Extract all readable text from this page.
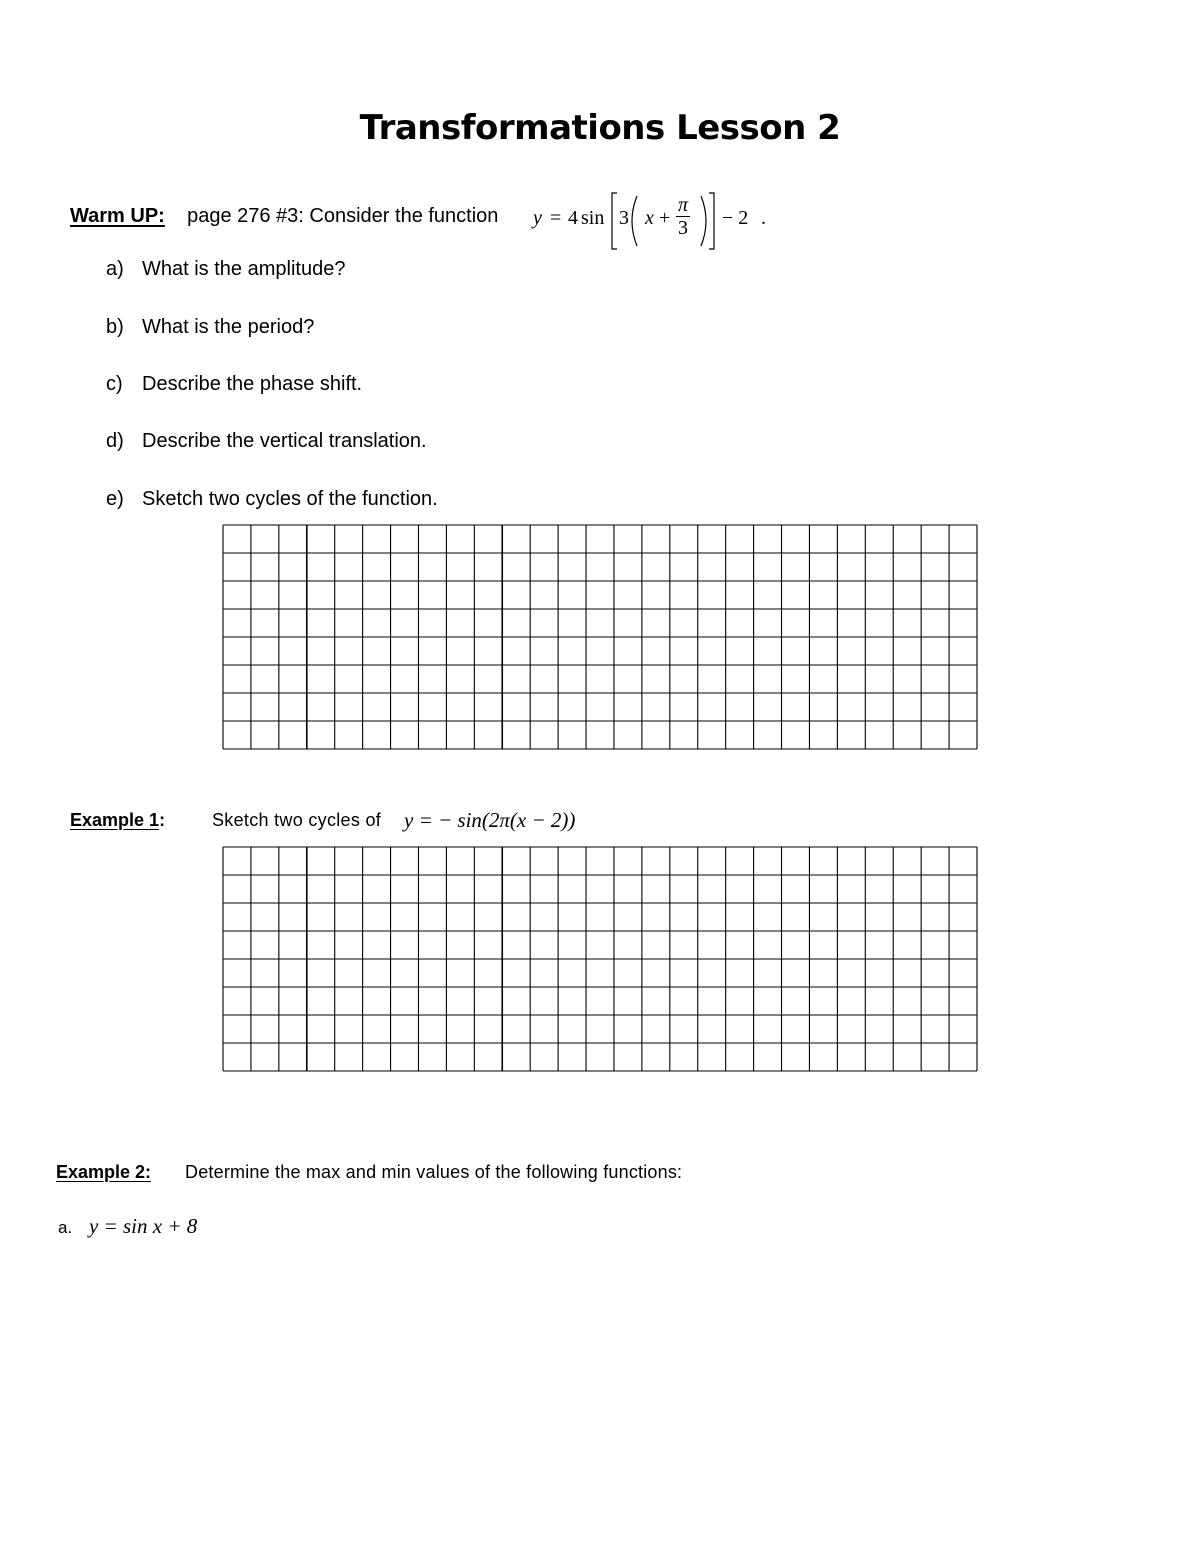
Transformations Lesson 2
Warm UP: page 276 #3: Consider the function y = 4 sin 3 $x + \frac{\pi}{3} - 2$ .
a) What is the amplitude?
b) What is the period?
c) Describe the phase shift.
d) Describe the vertical translation.
e) Sketch two cycles of the function.
Example 1:	Sketch two cycles of y = − sin(2π(x − 2))
Example 2: Determine the max and min values of the following functions:
a. y = sin x + 8
